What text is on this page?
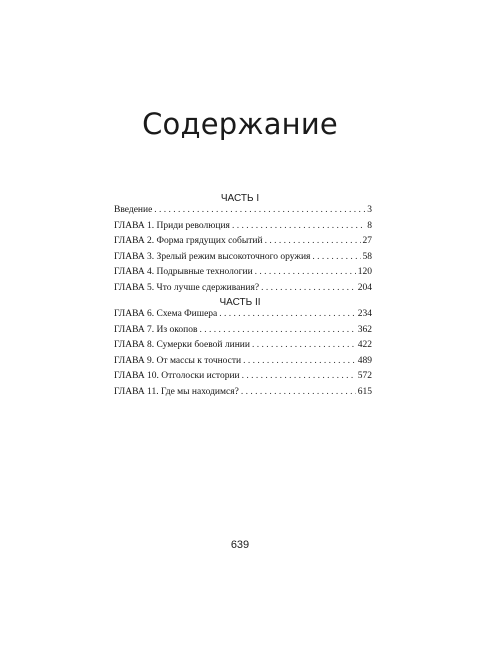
Содержание
ЧАСТЬ I
Введение . . .	3
ГЛАВА 1. Приди революция . . .	8
ГЛАВА 2. Форма грядущих событий . . .	27
ГЛАВА 3. Зрелый режим высокоточного оружия . . .	58
ГЛАВА 4. Подрывные технологии . . .	120
ГЛАВА 5. Что лучше сдерживания? . . .	204
ЧАСТЬ II
ГЛАВА 6. Схема Фишера . . .	234
ГЛАВА 7. Из окопов . . .	362
ГЛАВА 8. Сумерки боевой линии . . .	422
ГЛАВА 9. От массы к точности . . .	489
ГЛАВА 10. Отголоски истории . . .	572
ГЛАВА 11. Где мы находимся? . . .	615
639
